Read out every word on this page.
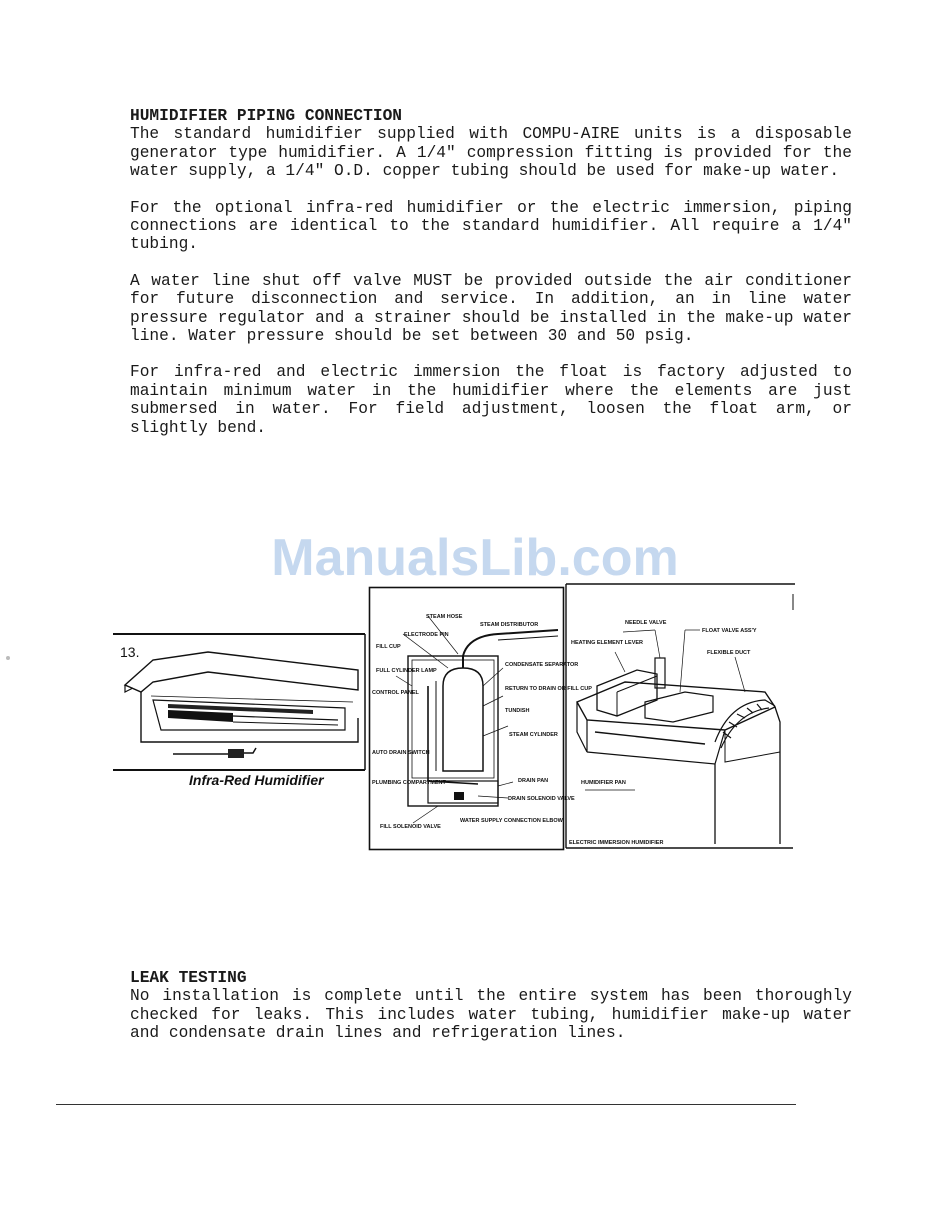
HUMIDIFIER PIPING CONNECTION

The standard humidifier supplied with COMPU-AIRE units is a disposable generator type humidifier. A 1/4" compression fitting is provided for the water supply, a 1/4" O.D. copper tubing should be used for make-up water.

For the optional infra-red humidifier or the electric immersion, piping connections are identical to the standard humidifier. All require a 1/4" tubing.

A water line shut off valve MUST be provided outside the air conditioner for future disconnection and service. In addition, an in line water pressure regulator and a strainer should be installed in the make-up water line. Water pressure should be set between 30 and 50 psig.

For infra-red and electric immersion the float is factory adjusted to maintain minimum water in the humidifier where the elements are just submersed in water. For field adjustment, loosen the float arm, or slightly bend.

ManualsLib.com
13.
Infra-Red Humidifier
STEAM HOSE
STEAM DISTRIBUTOR
ELECTRODE PIN
FILL CUP
FULL CYLINDER LAMP
CONTROL PANEL
AUTO DRAIN SWITCH
PLUMBING COMPARTMENT
FILL SOLENOID VALVE
CONDENSATE SEPARATOR
RETURN TO DRAIN OR FILL CUP
TUNDISH
STEAM CYLINDER
DRAIN PAN
DRAIN SOLENOID VALVE
WATER SUPPLY CONNECTION ELBOW
NEEDLE VALVE
FLOAT VALVE ASS'Y
HEATING ELEMENT LEVER
FLEXIBLE DUCT
HUMIDIFIER PAN
ELECTRIC IMMERSION HUMIDIFIER
LEAK TESTING

No installation is complete until the entire system has been thoroughly checked for leaks. This includes water tubing, humidifier make-up water and condensate drain lines and refrigeration lines.
